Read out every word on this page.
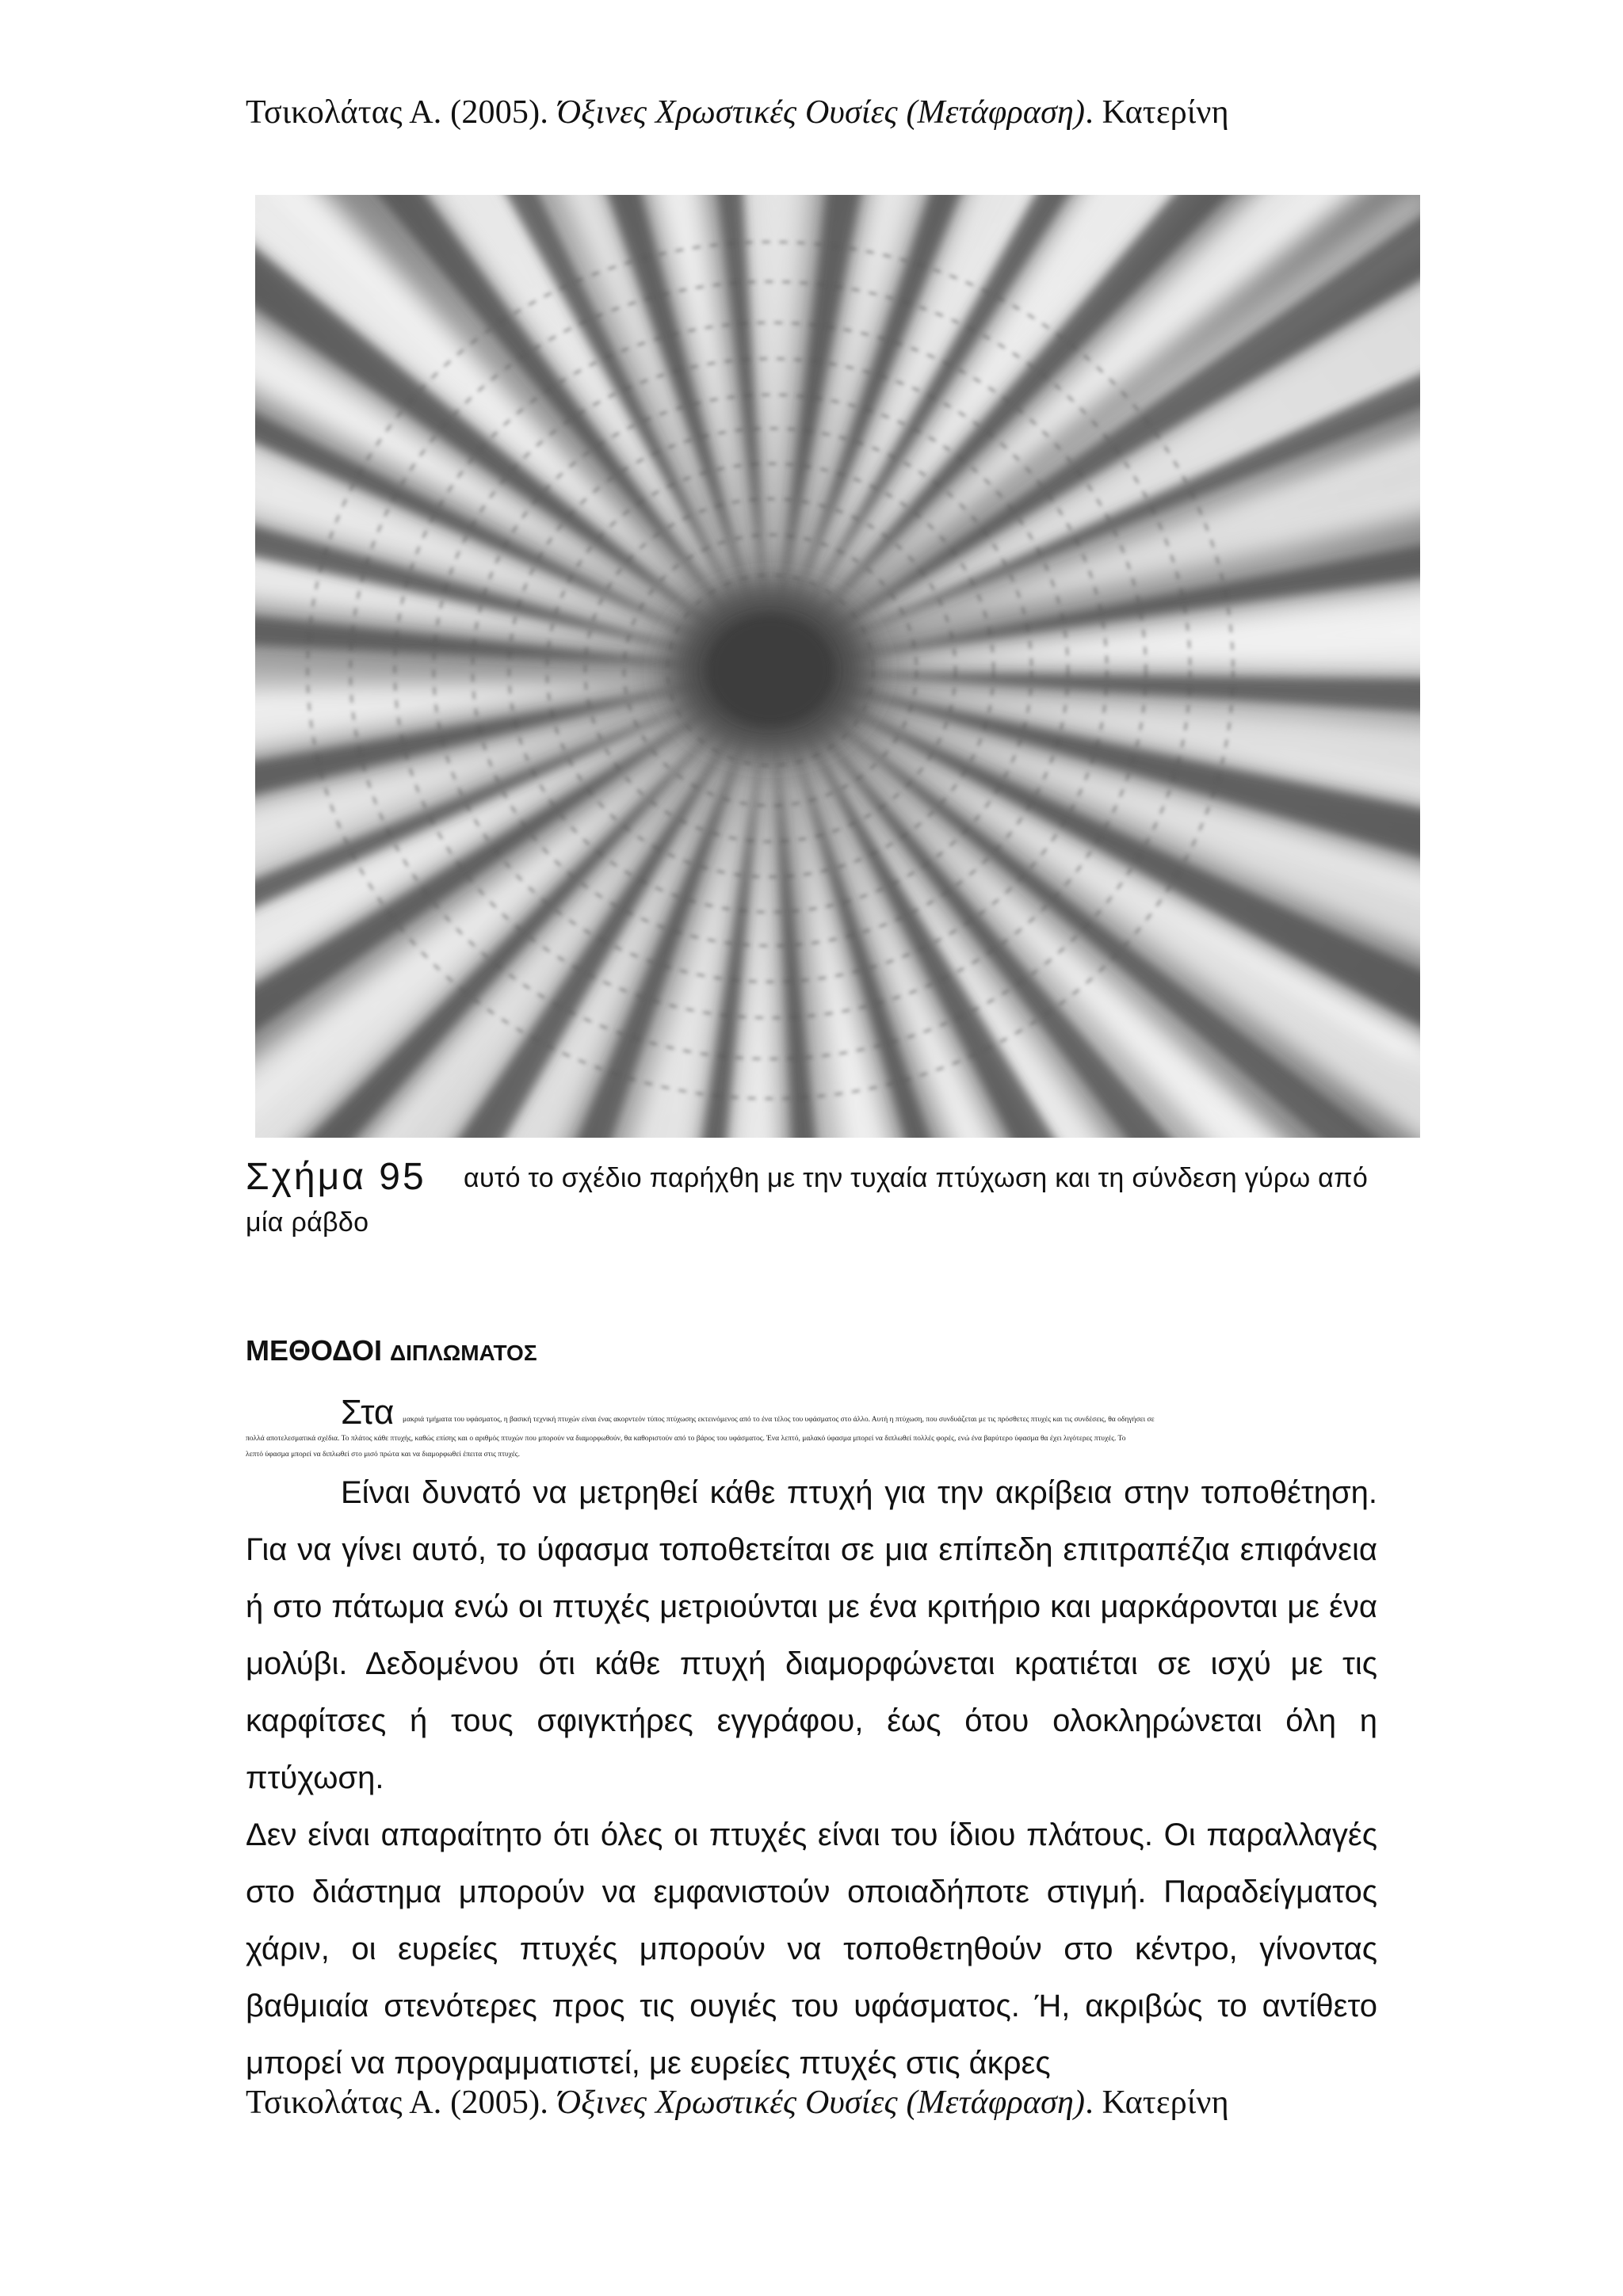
Τσικολάτας Α. (2005). Όξινες Χρωστικές Ουσίες (Μετάφραση). Κατερίνη
Σχήμα 95 αυτό το σχέδιο παρήχθη με την τυχαία πτύχωση και τη σύνδεση γύρω από
μία ράβδο
ΜΕΘΟΔΟΙ ΔΙΠΛΩΜΑΤΟΣ
Στα μακριά τμήματα του υφάσματος, η βασική τεχνική πτυχών είναι ένας ακορντεόν τύπος πτύχωσης εκτεινόμενος από το ένα τέλος του υφάσματος στο άλλο. Αυτή η πτύχωση, που συνδυάζεται με τις πρόσθετες πτυχές και τις συνδέσεις, θα οδηγήσει σε
πολλά αποτελεσματικά σχέδια. Το πλάτος κάθε πτυχής, καθώς επίσης και ο αριθμός πτυχών που μπορούν να διαμορφωθούν, θα καθοριστούν από το βάρος του υφάσματος. Ένα λεπτό, μαλακό ύφασμα μπορεί να διπλωθεί πολλές φορές, ενώ ένα βαρύτερο ύφασμα θα έχει λιγότερες πτυχές. Το
λεπτό ύφασμα μπορεί να διπλωθεί στο μισό πρώτα και να διαμορφωθεί έπειτα στις πτυχές.
Είναι δυνατό να μετρηθεί κάθε πτυχή για την ακρίβεια στην τοποθέτηση. Για να γίνει αυτό, το ύφασμα τοποθετείται σε μια επίπεδη επιτραπέζια επιφάνεια ή στο πάτωμα ενώ οι πτυχές μετριούνται με ένα κριτήριο και μαρκάρονται με ένα μολύβι. Δεδομένου ότι κάθε πτυχή διαμορφώνεται κρατιέται σε ισχύ με τις καρφίτσες ή τους σφιγκτήρες εγγράφου, έως ότου ολοκληρώνεται όλη η πτύχωση.
Δεν είναι απαραίτητο ότι όλες οι πτυχές είναι του ίδιου πλάτους. Οι παραλλαγές στο διάστημα μπορούν να εμφανιστούν οποιαδήποτε στιγμή. Παραδείγματος χάριν, οι ευρείες πτυχές μπορούν να τοποθετηθούν στο κέντρο, γίνοντας βαθμιαία στενότερες προς τις ουγιές του υφάσματος. Ή, ακριβώς το αντίθετο μπορεί να προγραμματιστεί, με ευρείες πτυχές στις άκρες
Τσικολάτας Α. (2005). Όξινες Χρωστικές Ουσίες (Μετάφραση). Κατερίνη
